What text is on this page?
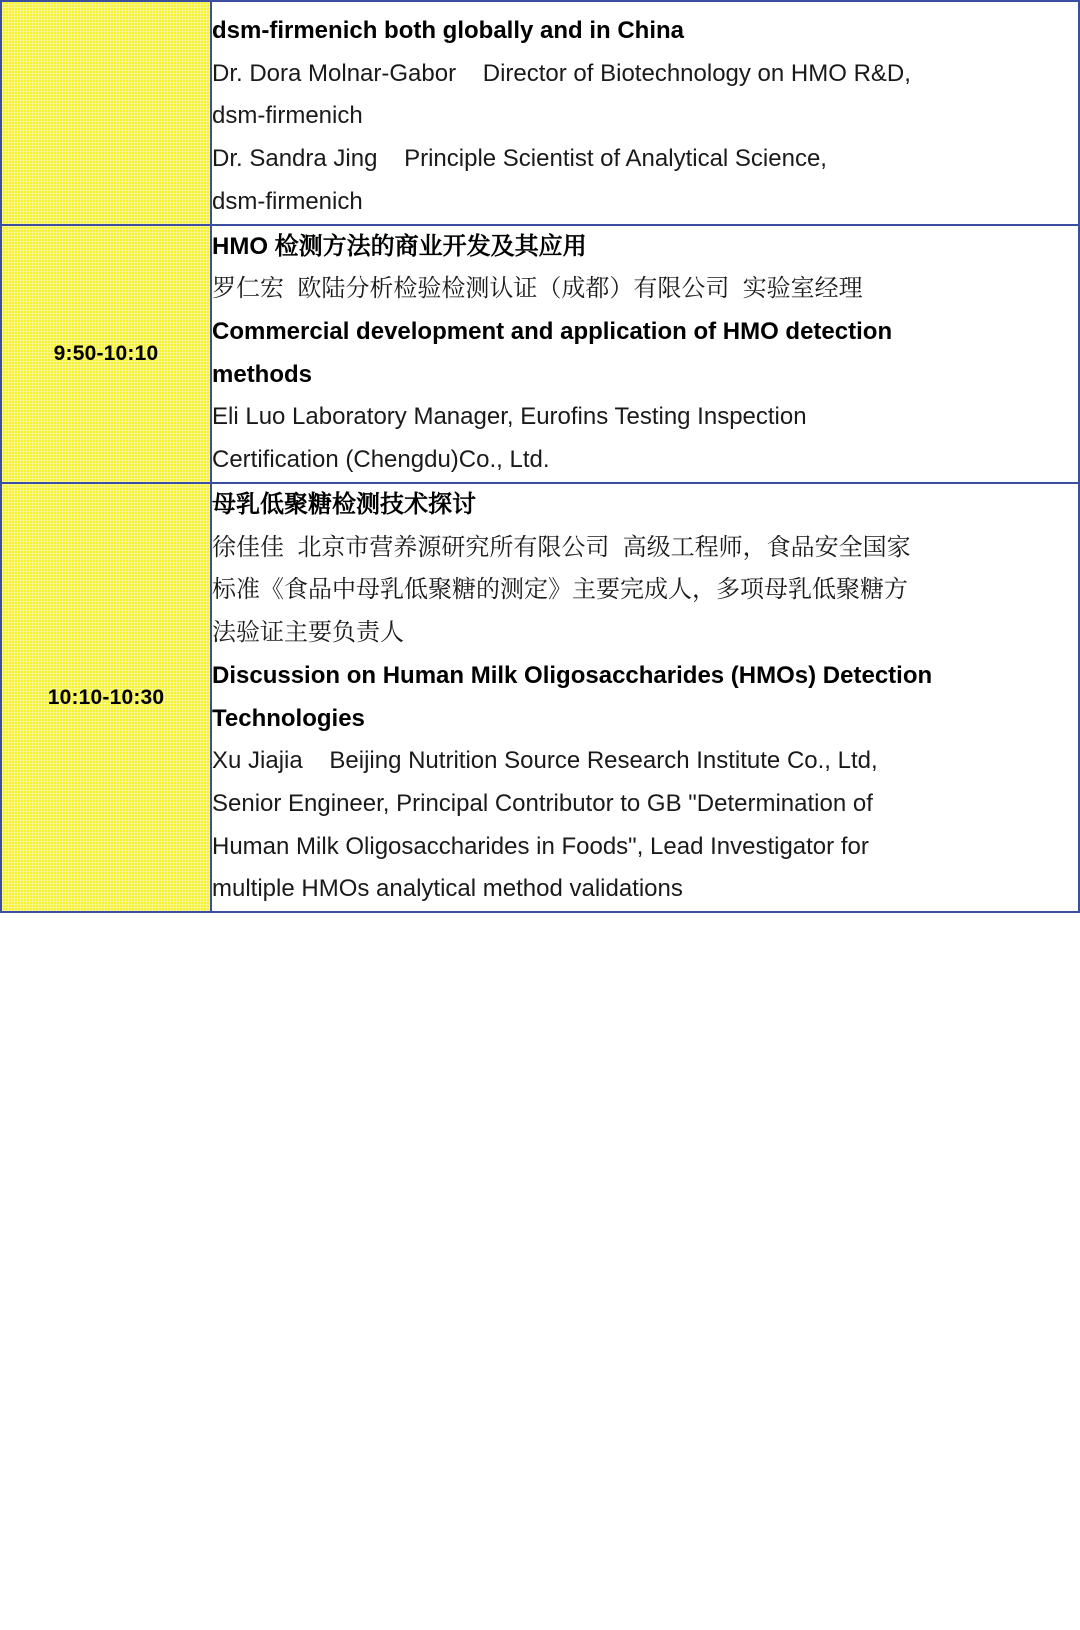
	dsm-firmenich both globally and in China
Dr. Dora Molnar-Gabor    Director of Biotechnology on HMO R&D,
dsm-firmenich
Dr. Sandra Jing    Principle Scientist of Analytical Science,
dsm-firmenich

9:50-10:10	
HMO 检测方法的商业开发及其应用
罗仁宏  欧陆分析检验检测认证（成都）有限公司  实验室经理
Commercial development and application of HMO detection
methods
Eli Luo Laboratory Manager, Eurofins Testing Inspection
Certification (Chengdu)Co., Ltd.

10:10-10:30	
母乳低聚糖检测技术探讨
徐佳佳  北京市营养源研究所有限公司  高级工程师，食品安全国家
标准《食品中母乳低聚糖的测定》主要完成人，多项母乳低聚糖方
法验证主要负责人
Discussion on Human Milk Oligosaccharides (HMOs) Detection
Technologies
Xu Jiajia    Beijing Nutrition Source Research Institute Co., Ltd,
Senior Engineer, Principal Contributor to GB "Determination of
Human Milk Oligosaccharides in Foods", Lead Investigator for
multiple HMOs analytical method validations
